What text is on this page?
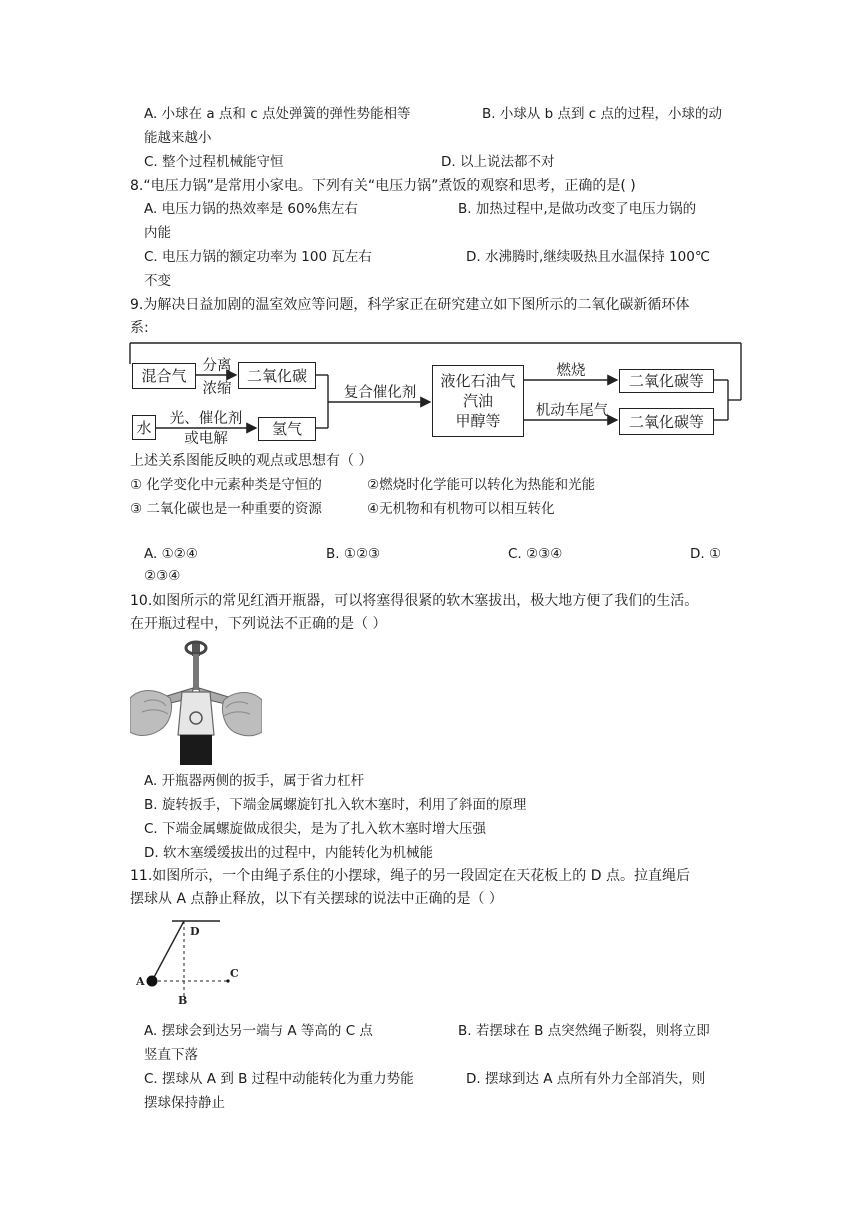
A. 小球在 a 点和 c 点处弹簧的弹性势能相等	B. 小球从 b 点到 c 点的过程，小球的动
能越来越小
C. 整个过程机械能守恒	D. 以上说法都不对
8.“电压力锅”是常用小家电。下列有关“电压力锅”煮饭的观察和思考，正确的是( )
A. 电压力锅的热效率是 60%焦左右	B. 加热过程中,是做功改变了电压力锅的
内能
C. 电压力锅的额定功率为 100 瓦左右	D. 水沸腾时,继续吸热且水温保持 100℃
不变
9.为解决日益加剧的温室效应等问题，科学家正在研究建立如下图所示的二氧化碳新循环体
系:
混合气
分离
浓缩
二氧化碳
水	光、催化剂
或电解
氢气
复合催化剂
液化石油气
汽油
甲醇等
燃烧
机动车尾气
二氧化碳等
二氧化碳等
上述关系图能反映的观点或思想有（ ）
① 化学变化中元素种类是守恒的	②燃烧时化学能可以转化为热能和光能
③ 二氧化碳也是一种重要的资源	④无机物和有机物可以相互转化
A. ①②④	B. ①②③	C. ②③④	D. ①
②③④
10.如图所示的常见红酒开瓶器，可以将塞得很紧的软木塞拔出，极大地方便了我们的生活。
在开瓶过程中，下列说法不正确的是（ ）
A. 开瓶器两侧的扳手，属于省力杠杆
B. 旋转扳手，下端金属螺旋钉扎入软木塞时，利用了斜面的原理
C. 下端金属螺旋做成很尖，是为了扎入软木塞时增大压强
D. 软木塞缓缓拔出的过程中，内能转化为机械能
11.如图所示，一个由绳子系住的小摆球，绳子的另一段固定在天花板上的 D 点。拉直绳后
摆球从 A 点静止释放，以下有关摆球的说法中正确的是（ ）
D
A
C
B
A. 摆球会到达另一端与 A 等高的 C 点	B. 若摆球在 B 点突然绳子断裂，则将立即
竖直下落
C. 摆球从 A 到 B 过程中动能转化为重力势能	D. 摆球到达 A 点所有外力全部消失，则
摆球保持静止
